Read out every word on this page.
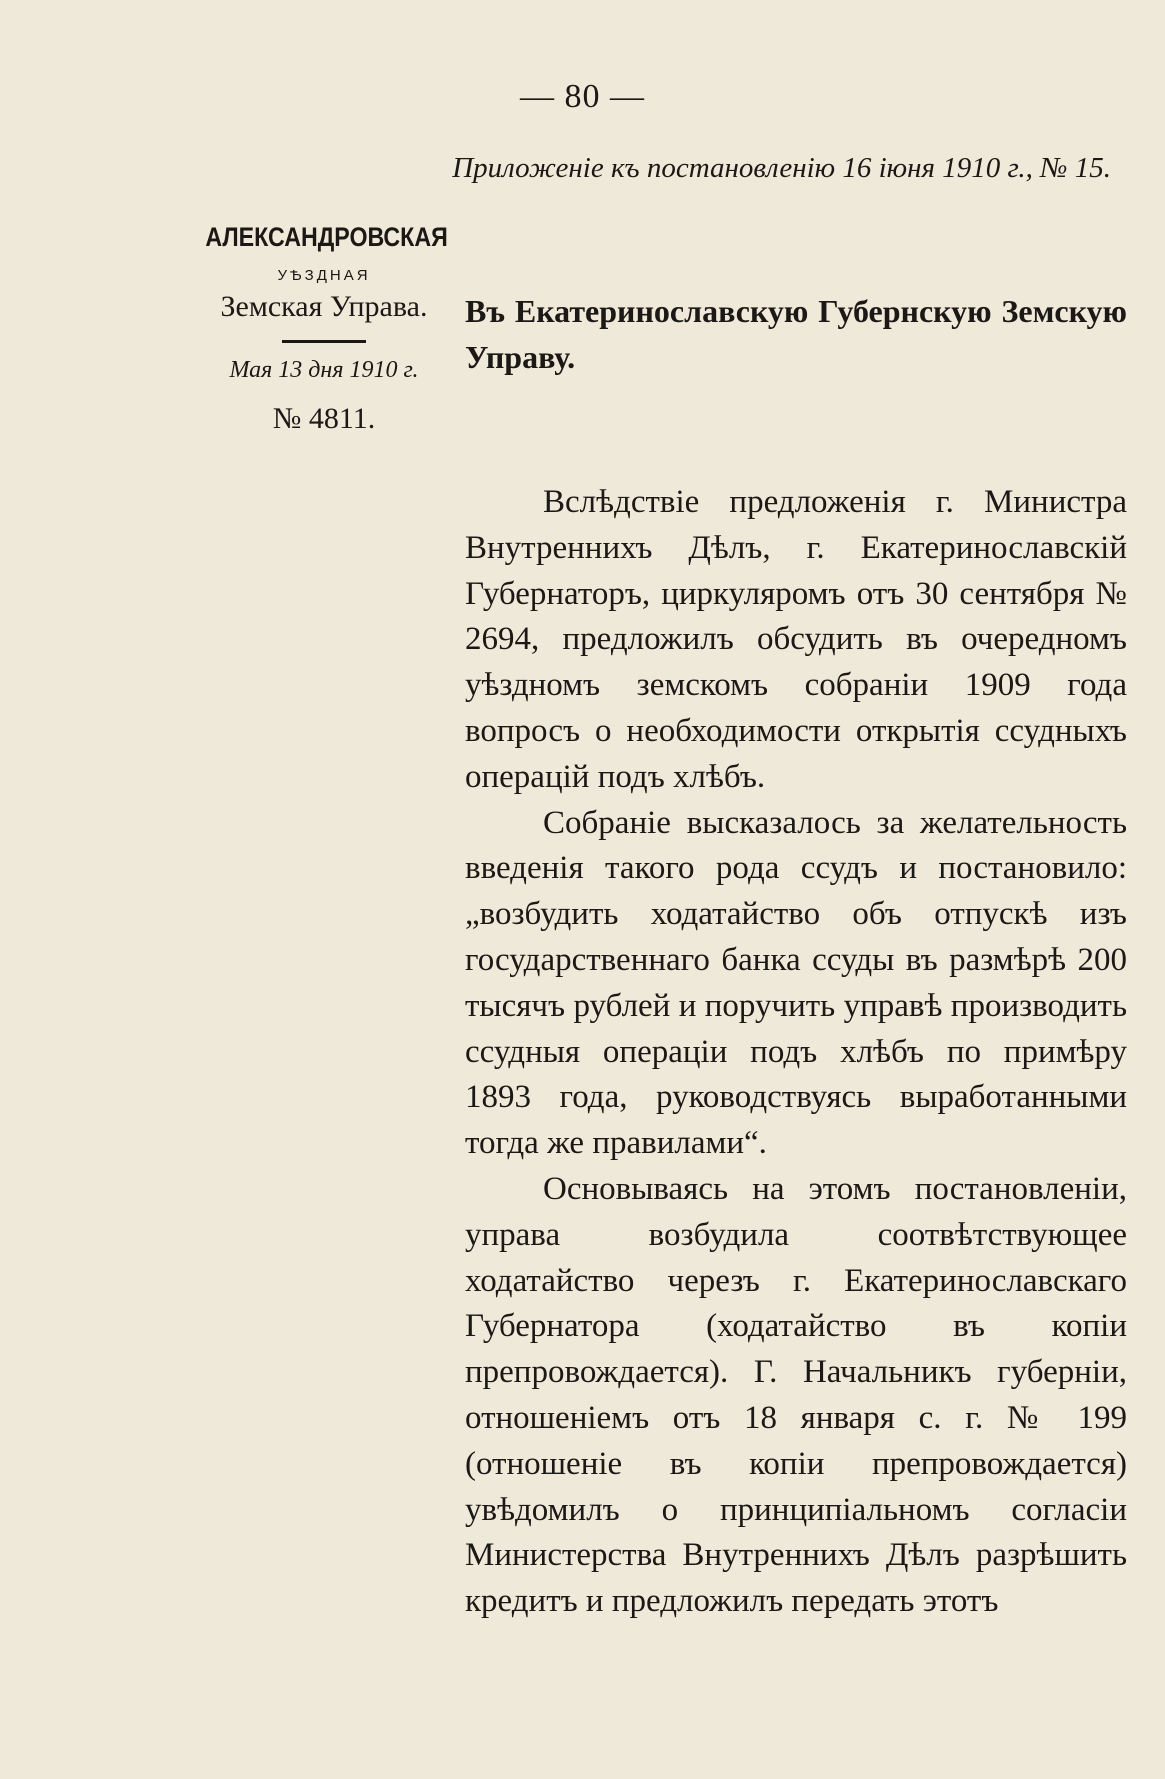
— 80 —
Приложеніе къ постановленію 16 іюня 1910 г., № 15.
АЛЕКСАНДРОВСКАЯ
УѢЗДНАЯ
Земская Управа.
Мая 13 дня 1910 г.
№ 4811.
Въ Екатеринославскую Губернскую Земскую Управу.

Вслѣдствіе предложенія г. Министра Внутреннихъ Дѣлъ, г. Екатеринославскій Губернаторъ, циркуляромъ отъ 30 сентября № 2694, предложилъ обсудить въ очередномъ уѣздномъ земскомъ собраніи 1909 года вопросъ о необходимости открытія ссудныхъ операцій подъ хлѣбъ.

Собраніе высказалось за желательность введенія такого рода ссудъ и постановило: „возбудить ходатайство объ отпускѣ изъ государственнаго банка ссуды въ размѣрѣ 200 тысячъ рублей и поручить управѣ производить ссудныя операціи подъ хлѣбъ по примѣру 1893 года, руководствуясь выработанными тогда же правилами“.

Основываясь на этомъ постановленіи, управа возбудила соотвѣтствующее ходатайство черезъ г. Екатеринославскаго Губернатора (ходатайство въ копіи препровождается). Г. Начальникъ губерніи, отношеніемъ отъ 18 января с. г. № 199 (отношеніе въ копіи препровождается) увѣдомилъ о принципіальномъ согласіи Министерства Внутреннихъ Дѣлъ разрѣшить кредитъ и предложилъ передать этотъ
